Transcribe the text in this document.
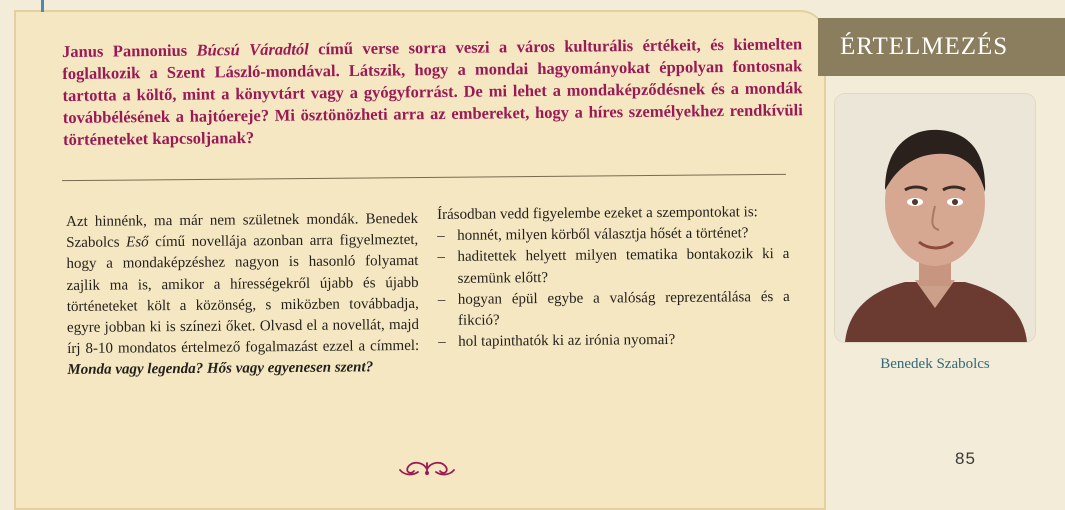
Janus Pannonius Búcsú Váradtól című verse sorra veszi a város kulturális értékeit, és kiemelten foglalkozik a Szent László-mondával. Látszik, hogy a mondai hagyományokat éppolyan fontosnak tartotta a költő, mint a könyvtárt vagy a gyógyforrást. De mi lehet a mondaképződésnek és a mondák továbbélésének a hajtóereje? Mi ösztönözheti arra az embereket, hogy a híres személyekhez rendkívüli történeteket kapcsoljanak?

Azt hinnénk, ma már nem születnek mondák. Benedek Szabolcs Eső című novellája azonban arra figyelmeztet, hogy a mondaképzéshez nagyon is hasonló folyamat zajlik ma is, amikor a hírességekről újabb és újabb történeteket költ a közönség, s miközben továbbadja, egyre jobban ki is színezi őket. Olvasd el a novellát, majd írj 8-10 mondatos értelmező fogalmazást ezzel a címmel: Monda vagy legenda? Hős vagy egyenesen szent?

Írásodban vedd figyelembe ezeket a szempontokat is:

– honnét, milyen körből választja hősét a történet?
– haditettek helyett milyen tematika bontakozik ki a szemünk előtt?
– hogyan épül egybe a valóság reprezentálása és a fikció?
– hol tapinthatók ki az irónia nyomai?
85
ÉRTELMEZÉS
Benedek Szabolcs
